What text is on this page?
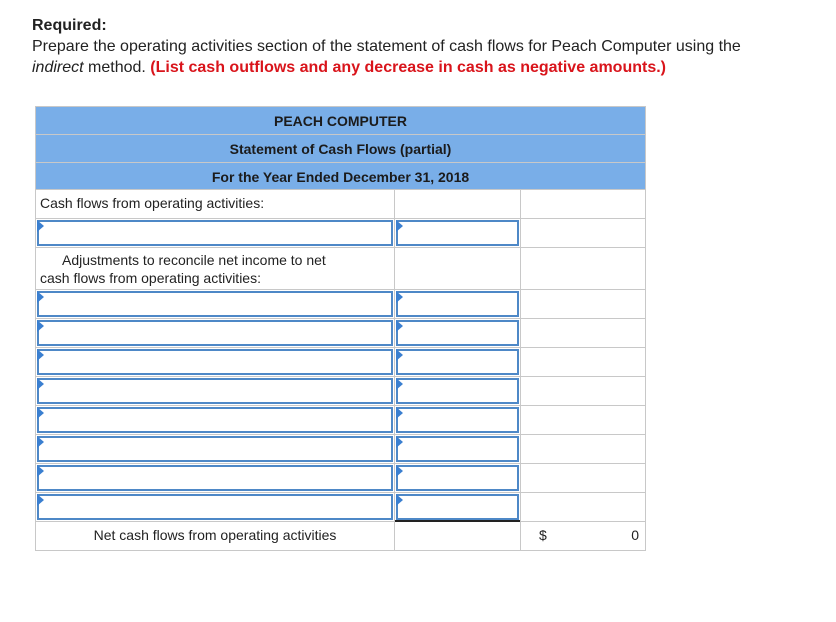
Required:
Prepare the operating activities section of the statement of cash flows for Peach Computer using the
indirect method. (List cash outflows and any decrease in cash as negative amounts.)
PEACH COMPUTER
Statement of Cash Flows (partial)
For the Year Ended December 31, 2018
Cash flows from operating activities:
Adjustments to reconcile net income to net
cash flows from operating activities:
Net cash flows from operating activities	$	0
